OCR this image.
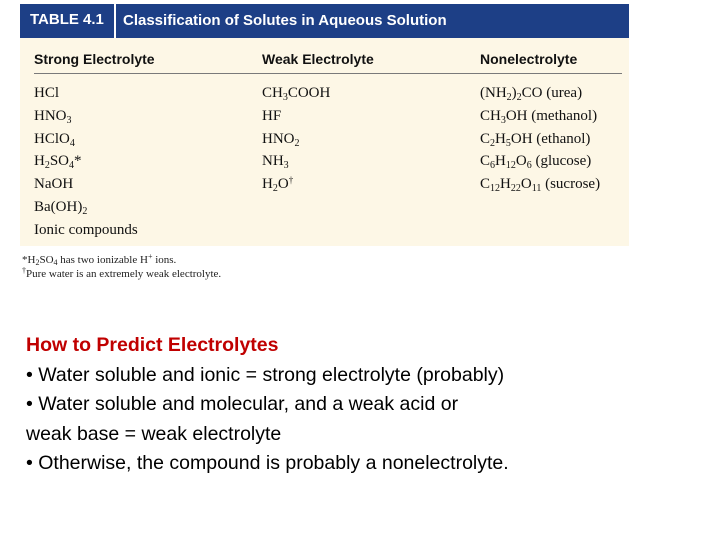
TABLE 4.1 Classification of Solutes in Aqueous Solution
Strong Electrolyte	Weak Electrolyte	Nonelectrolyte
HCl
$HNO_3$
HClO$_4$
$H_2SO_4*$
NaOH
$Ba(OH)_2$
Ionic compounds
$CH_3COOH$
HF
$HNO_2$
$NH_3$
$H_2O^\dagger$
$(NH_2)_2CO$ (urea)
$CH_3OH$ (methanol)
$C_2H_5OH$ (ethanol)
$C_6H_{12}O_6$ (glucose)
$C_{12}H_{22}O_{11}$ (sucrose)
$*H_2SO_4$ has two ionizable H+ ions.
†Pure water is an extremely weak electrolyte.
How to Predict Electrolytes
• Water soluble and ionic = strong electrolyte (probably)
• Water soluble and molecular, and a weak acid or
weak base = weak electrolyte
• Otherwise, the compound is probably a nonelectrolyte.
